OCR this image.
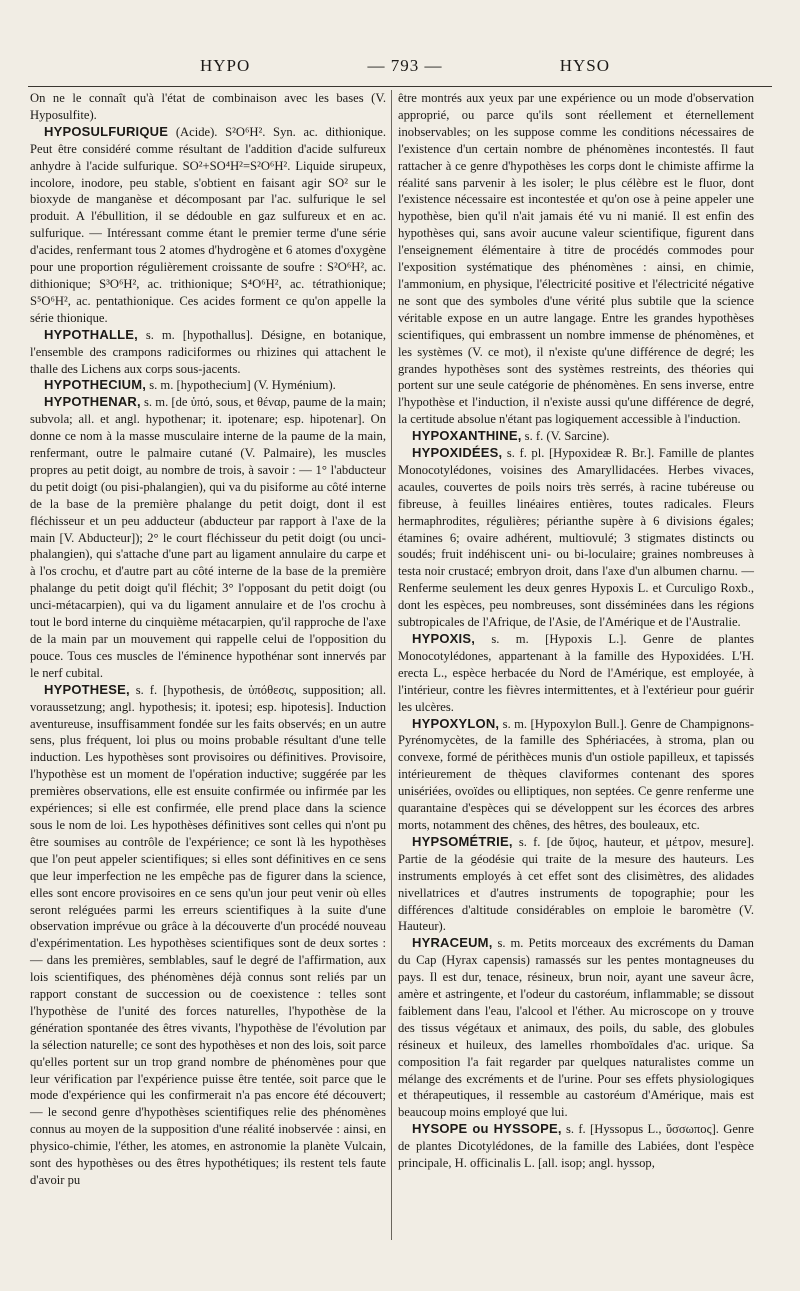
HYPO	— 793 —	HYSO

On ne le connaît qu'à l'état de combinaison avec les bases (V. Hyposulfite).

HYPOSULFURIQUE (Acide). S²O⁶H². Syn. ac. dithionique. Peut être considéré comme résultant de l'addition d'acide sulfureux anhydre à l'acide sulfurique. SO²+SO⁴H²=S²O⁶H². Liquide sirupeux, incolore, inodore, peu stable, s'obtient en faisant agir SO² sur le bioxyde de manganèse et décomposant par l'ac. sulfurique le sel produit. A l'ébullition, il se dédouble en gaz sulfureux et en ac. sulfurique. — Intéressant comme étant le premier terme d'une série d'acides, renfermant tous 2 atomes d'hydrogène et 6 atomes d'oxygène pour une proportion régulièrement croissante de soufre : S²O⁶H², ac. dithionique; S³O⁶H², ac. trithionique; S⁴O⁶H², ac. tétrathionique; S⁵O⁶H², ac. pentathionique. Ces acides forment ce qu'on appelle la série thionique.

HYPOTHALLE, s. m. [hypothallus]. Désigne, en botanique, l'ensemble des crampons radiciformes ou rhizines qui attachent le thalle des Lichens aux corps sous-jacents.

HYPOTHECIUM, s. m. [hypothecium] (V. Hyménium).

HYPOTHENAR, s. m. [de ὑπό, sous, et θέναρ, paume de la main; subvola; all. et angl. hypothenar; it. ipotenare; esp. hipotenar]. On donne ce nom à la masse musculaire interne de la paume de la main, renfermant, outre le palmaire cutané (V. Palmaire), les muscles propres au petit doigt, au nombre de trois, à savoir : — 1° l'abducteur du petit doigt (ou pisi-phalangien), qui va du pisiforme au côté interne de la base de la première phalange du petit doigt, dont il est fléchisseur et un peu adducteur (abducteur par rapport à l'axe de la main [V. Abducteur]); 2° le court fléchisseur du petit doigt (ou unci-phalangien), qui s'attache d'une part au ligament annulaire du carpe et à l'os crochu, et d'autre part au côté interne de la base de la première phalange du petit doigt qu'il fléchit; 3° l'opposant du petit doigt (ou unci-métacarpien), qui va du ligament annulaire et de l'os crochu à tout le bord interne du cinquième métacarpien, qu'il rapproche de l'axe de la main par un mouvement qui rappelle celui de l'opposition du pouce. Tous ces muscles de l'éminence hypothénar sont innervés par le nerf cubital.

HYPOTHESE, s. f. [hypothesis, de ὑπόθεσις, supposition; all. voraussetzung; angl. hypothesis; it. ipotesi; esp. hipotesis]. Induction aventureuse, insuffisamment fondée sur les faits observés; en un autre sens, plus fréquent, loi plus ou moins probable résultant d'une telle induction. Les hypothèses sont provisoires ou définitives. Provisoire, l'hypothèse est un moment de l'opération inductive; suggérée par les premières observations, elle est ensuite confirmée ou infirmée par les expériences; si elle est confirmée, elle prend place dans la science sous le nom de loi. Les hypothèses définitives sont celles qui n'ont pu être soumises au contrôle de l'expérience; ce sont là les hypothèses que l'on peut appeler scientifiques; si elles sont définitives en ce sens que leur imperfection ne les empêche pas de figurer dans la science, elles sont encore provisoires en ce sens qu'un jour peut venir où elles seront reléguées parmi les erreurs scientifiques à la suite d'une observation imprévue ou grâce à la découverte d'un procédé nouveau d'expérimentation. Les hypothèses scientifiques sont de deux sortes : — dans les premières, semblables, sauf le degré de l'affirmation, aux lois scientifiques, des phénomènes déjà connus sont reliés par un rapport constant de succession ou de coexistence : telles sont l'hypothèse de l'unité des forces naturelles, l'hypothèse de la génération spontanée des êtres vivants, l'hypothèse de l'évolution par la sélection naturelle; ce sont des hypothèses et non des lois, soit parce qu'elles portent sur un trop grand nombre de phénomènes pour que leur vérification par l'expérience puisse être tentée, soit parce que le mode d'expérience qui les confirmerait n'a pas encore été découvert; — le second genre d'hypothèses scientifiques relie des phénomènes connus au moyen de la supposition d'une réalité inobservée : ainsi, en physico-chimie, l'éther, les atomes, en astronomie la planète Vulcain, sont des hypothèses ou des êtres hypothétiques; ils restent tels faute d'avoir pu

être montrés aux yeux par une expérience ou un mode d'observation approprié, ou parce qu'ils sont réellement et éternellement inobservables; on les suppose comme les conditions nécessaires de l'existence d'un certain nombre de phénomènes incontestés. Il faut rattacher à ce genre d'hypothèses les corps dont le chimiste affirme la réalité sans parvenir à les isoler; le plus célèbre est le fluor, dont l'existence nécessaire est incontestée et qu'on ose à peine appeler une hypothèse, bien qu'il n'ait jamais été vu ni manié. Il est enfin des hypothèses qui, sans avoir aucune valeur scientifique, figurent dans l'enseignement élémentaire à titre de procédés commodes pour l'exposition systématique des phénomènes : ainsi, en chimie, l'ammonium, en physique, l'électricité positive et l'électricité négative ne sont que des symboles d'une vérité plus subtile que la science véritable expose en un autre langage. Entre les grandes hypothèses scientifiques, qui embrassent un nombre immense de phénomènes, et les systèmes (V. ce mot), il n'existe qu'une différence de degré; les grandes hypothèses sont des systèmes restreints, des théories qui portent sur une seule catégorie de phénomènes. En sens inverse, entre l'hypothèse et l'induction, il n'existe aussi qu'une différence de degré, la certitude absolue n'étant pas logiquement accessible à l'induction.

HYPOXANTHINE, s. f. (V. Sarcine).

HYPOXIDÉES, s. f. pl. [Hypoxideæ R. Br.]. Famille de plantes Monocotylédones, voisines des Amaryllidacées. Herbes vivaces, acaules, couvertes de poils noirs très serrés, à racine tubéreuse ou fibreuse, à feuilles linéaires entières, toutes radicales. Fleurs hermaphrodites, régulières; périanthe supère à 6 divisions égales; étamines 6; ovaire adhérent, multiovulé; 3 stigmates distincts ou soudés; fruit indéhiscent uni- ou bi-loculaire; graines nombreuses à testa noir crustacé; embryon droit, dans l'axe d'un albumen charnu. — Renferme seulement les deux genres Hypoxis L. et Curculigo Roxb., dont les espèces, peu nombreuses, sont disséminées dans les régions subtropicales de l'Afrique, de l'Asie, de l'Amérique et de l'Australie.

HYPOXIS, s. m. [Hypoxis L.]. Genre de plantes Monocotylédones, appartenant à la famille des Hypoxidées. L'H. erecta L., espèce herbacée du Nord de l'Amérique, est employée, à l'intérieur, contre les fièvres intermittentes, et à l'extérieur pour guérir les ulcères.

HYPOXYLON, s. m. [Hypoxylon Bull.]. Genre de Champignons-Pyrénomycètes, de la famille des Sphériacées, à stroma, plan ou convexe, formé de périthèces munis d'un ostiole papilleux, et tapissés intérieurement de thèques claviformes contenant des spores unisériées, ovoïdes ou elliptiques, non septées. Ce genre renferme une quarantaine d'espèces qui se développent sur les écorces des arbres morts, notamment des chênes, des hêtres, des bouleaux, etc.

HYPSOMÉTRIE, s. f. [de ὕψος, hauteur, et μέτρον, mesure]. Partie de la géodésie qui traite de la mesure des hauteurs. Les instruments employés à cet effet sont des clisimètres, des alidades nivellatrices et d'autres instruments de topographie; pour les différences d'altitude considérables on emploie le baromètre (V. Hauteur).

HYRACEUM, s. m. Petits morceaux des excréments du Daman du Cap (Hyrax capensis) ramassés sur les pentes montagneuses du pays. Il est dur, tenace, résineux, brun noir, ayant une saveur âcre, amère et astringente, et l'odeur du castoréum, inflammable; se dissout faiblement dans l'eau, l'alcool et l'éther. Au microscope on y trouve des tissus végétaux et animaux, des poils, du sable, des globules résineux et huileux, des lamelles rhomboïdales d'ac. urique. Sa composition l'a fait regarder par quelques naturalistes comme un mélange des excréments et de l'urine. Pour ses effets physiologiques et thérapeutiques, il ressemble au castoréum d'Amérique, mais est beaucoup moins employé que lui.

HYSOPE ou HYSSOPE, s. f. [Hyssopus L., ὕσσωπος]. Genre de plantes Dicotylédones, de la famille des Labiées, dont l'espèce principale, H. officinalis L. [all. isop; angl. hyssop,
